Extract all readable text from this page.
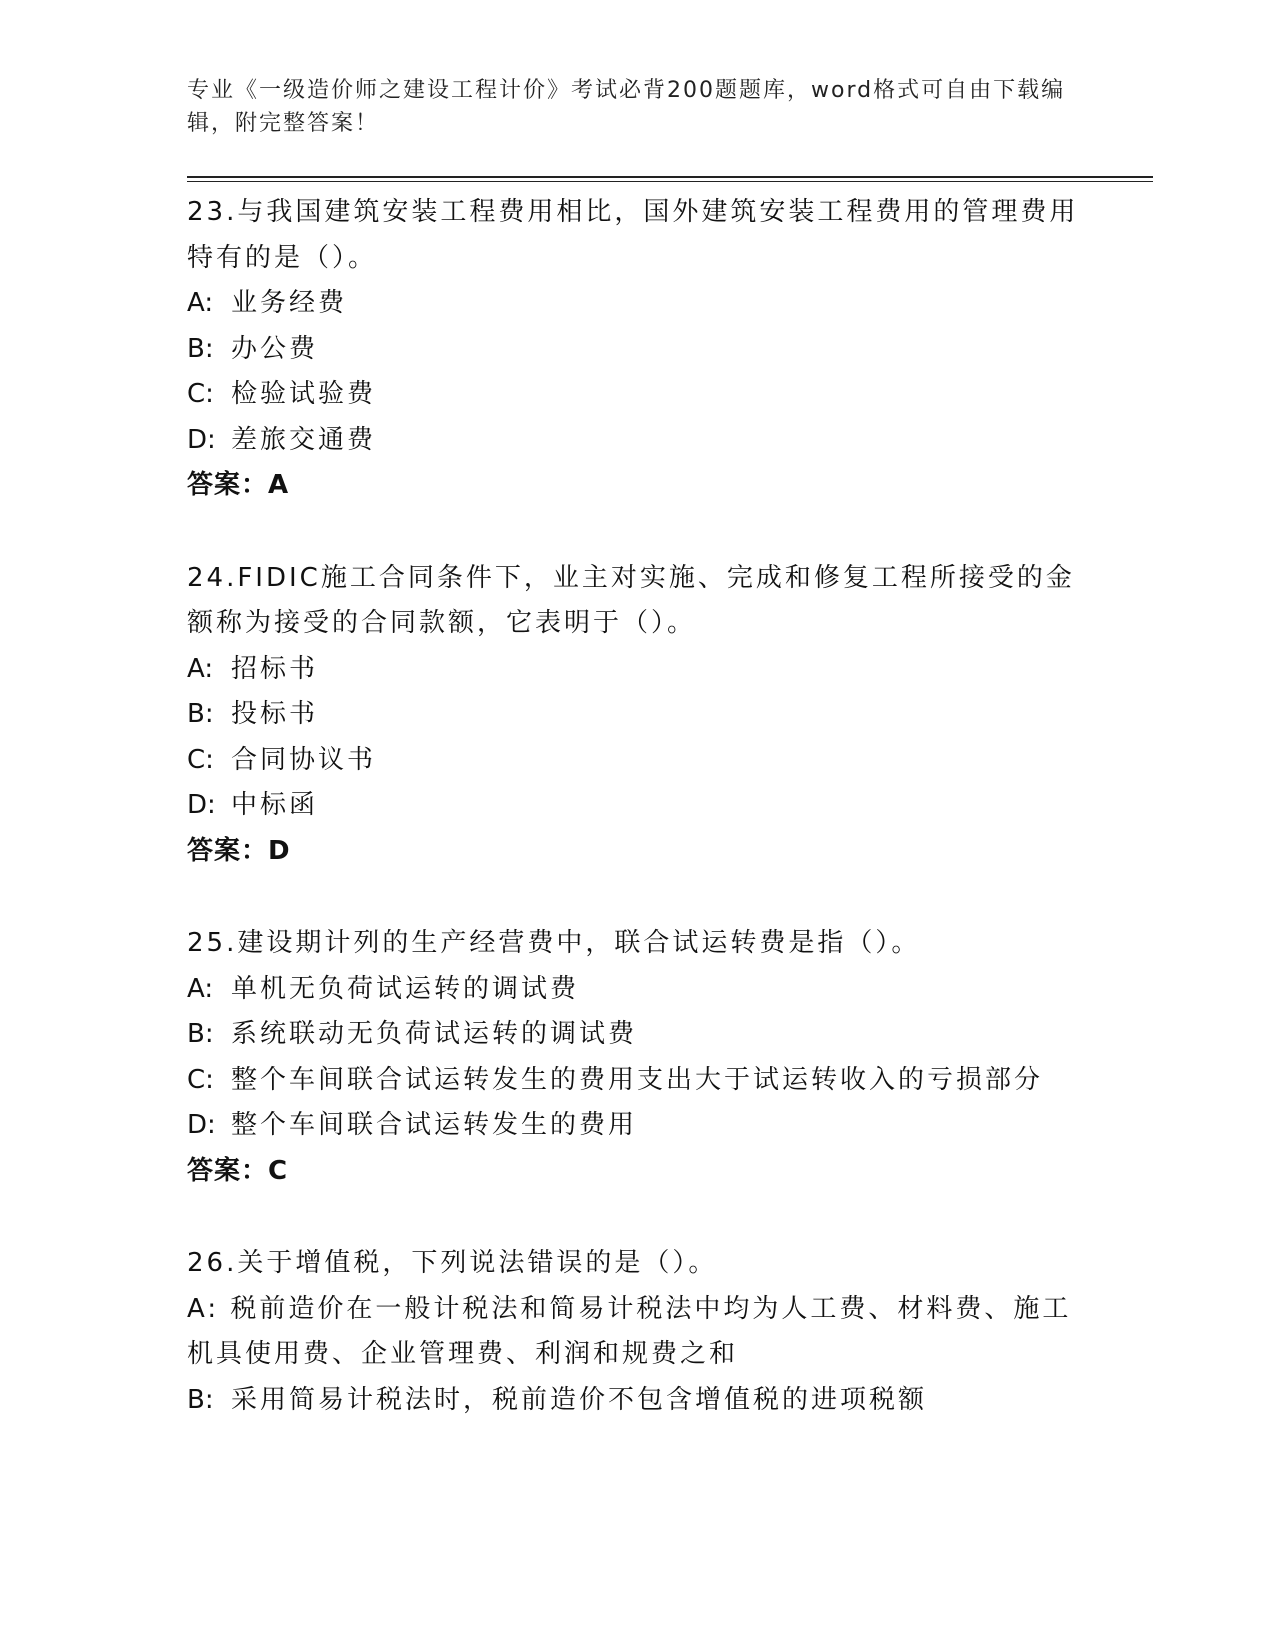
专业《一级造价师之建设工程计价》考试必背200题题库，word格式可自由下载编辑，附完整答案！
23.与我国建筑安装工程费用相比，国外建筑安装工程费用的管理费用特有的是（）。
A: 业务经费
B: 办公费
C: 检验试验费
D: 差旅交通费
答案：A
24.FIDIC施工合同条件下，业主对实施、完成和修复工程所接受的金额称为接受的合同款额，它表明于（）。
A: 招标书
B: 投标书
C: 合同协议书
D: 中标函
答案：D
25.建设期计列的生产经营费中，联合试运转费是指（）。
A: 单机无负荷试运转的调试费
B: 系统联动无负荷试运转的调试费
C: 整个车间联合试运转发生的费用支出大于试运转收入的亏损部分
D: 整个车间联合试运转发生的费用
答案：C
26.关于增值税，下列说法错误的是（）。
A: 税前造价在一般计税法和简易计税法中均为人工费、材料费、施工机具使用费、企业管理费、利润和规费之和
B: 采用简易计税法时，税前造价不包含增值税的进项税额
